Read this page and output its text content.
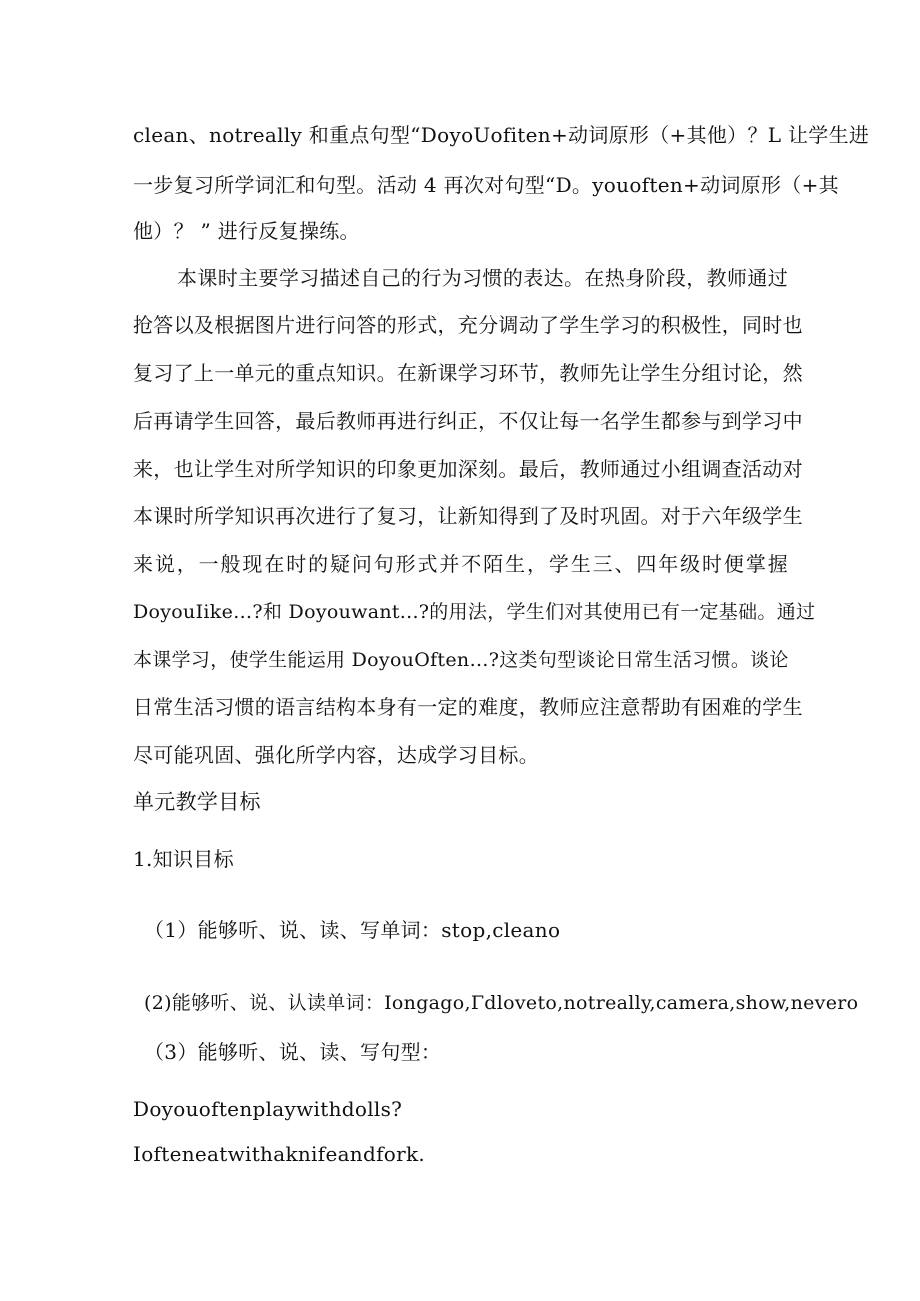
clean、notreally 和重点句型“DoyoUofiten+动词原形（+其他）？L 让学生进
一步复习所学词汇和句型。活动 4 再次对句型“D。youoften+动词原形（+其
他）？ ” 进行反复操练。
本课时主要学习描述自己的行为习惯的表达。在热身阶段，教师通过
抢答以及根据图片进行问答的形式，充分调动了学生学习的积极性，同时也
复习了上一单元的重点知识。在新课学习环节，教师先让学生分组讨论，然
后再请学生回答，最后教师再进行纠正，不仅让每一名学生都参与到学习中
来，也让学生对所学知识的印象更加深刻。最后，教师通过小组调查活动对
本课时所学知识再次进行了复习，让新知得到了及时巩固。对于六年级学生
来说，一般现在时的疑问句形式并不陌生，学生三、四年级时便掌握
DoyouIike…?和 Doyouwant...?的用法，学生们对其使用已有一定基础。通过
本课学习，使学生能运用 DoyouOften…?这类句型谈论日常生活习惯。谈论
日常生活习惯的语言结构本身有一定的难度，教师应注意帮助有困难的学生
尽可能巩固、强化所学内容，达成学习目标。
单元教学目标
1.知识目标
（1）能够听、说、读、写单词：stop,cleano
(2)能够听、说、认读单词：Iongago,Γdloveto,notreally,camera,show,nevero
（3）能够听、说、读、写句型：
Doyouoftenplaywithdolls?
Iofteneatwithaknifeandfork.
